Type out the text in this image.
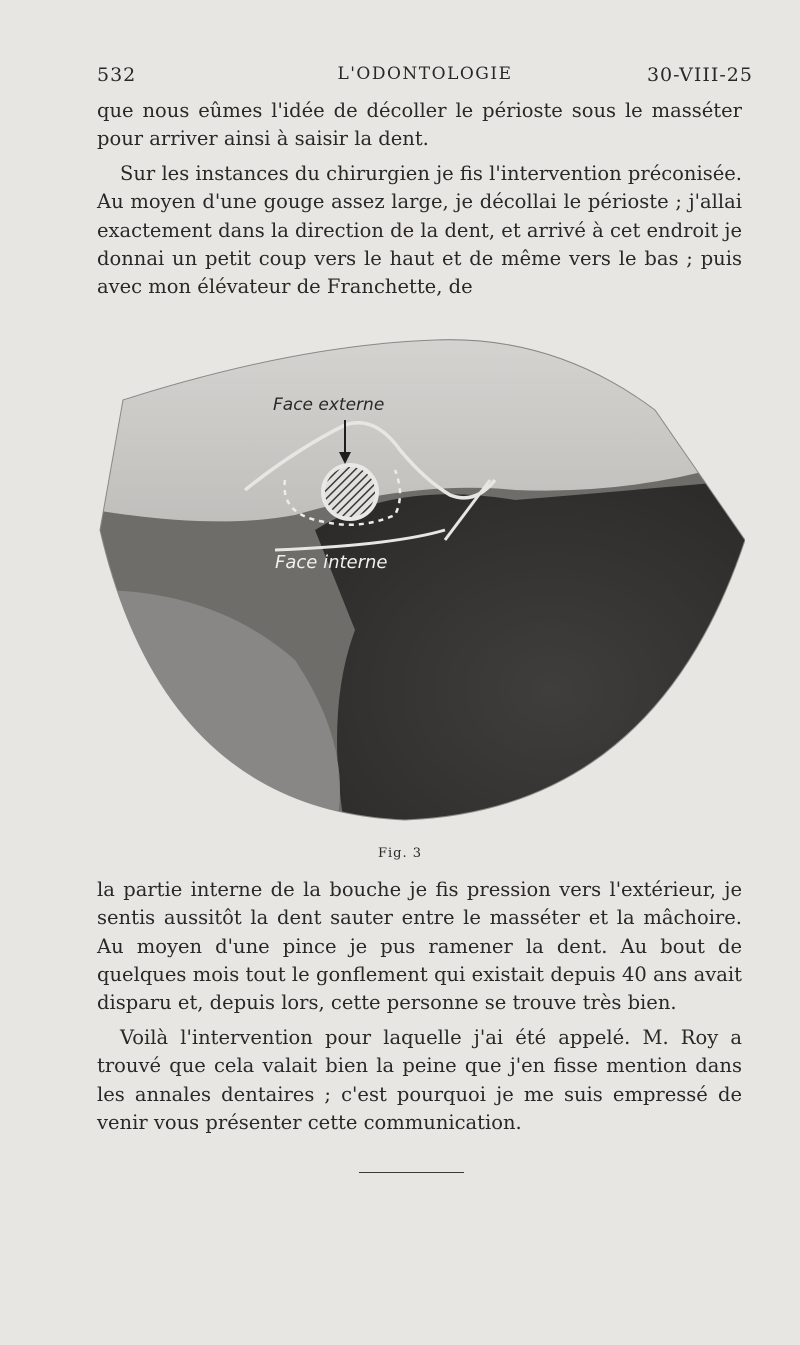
L'ODONTOLOGIE
532	30-VIII-25

que nous eûmes l'idée de décoller le périoste sous le masséter pour arriver ainsi à saisir la dent.

Sur les instances du chirurgien je fis l'intervention préconisée. Au moyen d'une gouge assez large, je décollai le périoste ; j'allai exactement dans la direction de la dent, et arrivé à cet endroit je donnai un petit coup vers le haut et de même vers le bas ; puis avec mon élévateur de Franchette, de

Face externe
Face interne
Fig. 3

la partie interne de la bouche je fis pression vers l'extérieur, je sentis aussitôt la dent sauter entre le masséter et la mâchoire. Au moyen d'une pince je pus ramener la dent. Au bout de quelques mois tout le gonflement qui existait depuis 40 ans avait disparu et, depuis lors, cette personne se trouve très bien.

Voilà l'intervention pour laquelle j'ai été appelé. M. Roy a trouvé que cela valait bien la peine que j'en fisse mention dans les annales dentaires ; c'est pourquoi je me suis empressé de venir vous présenter cette communication.
